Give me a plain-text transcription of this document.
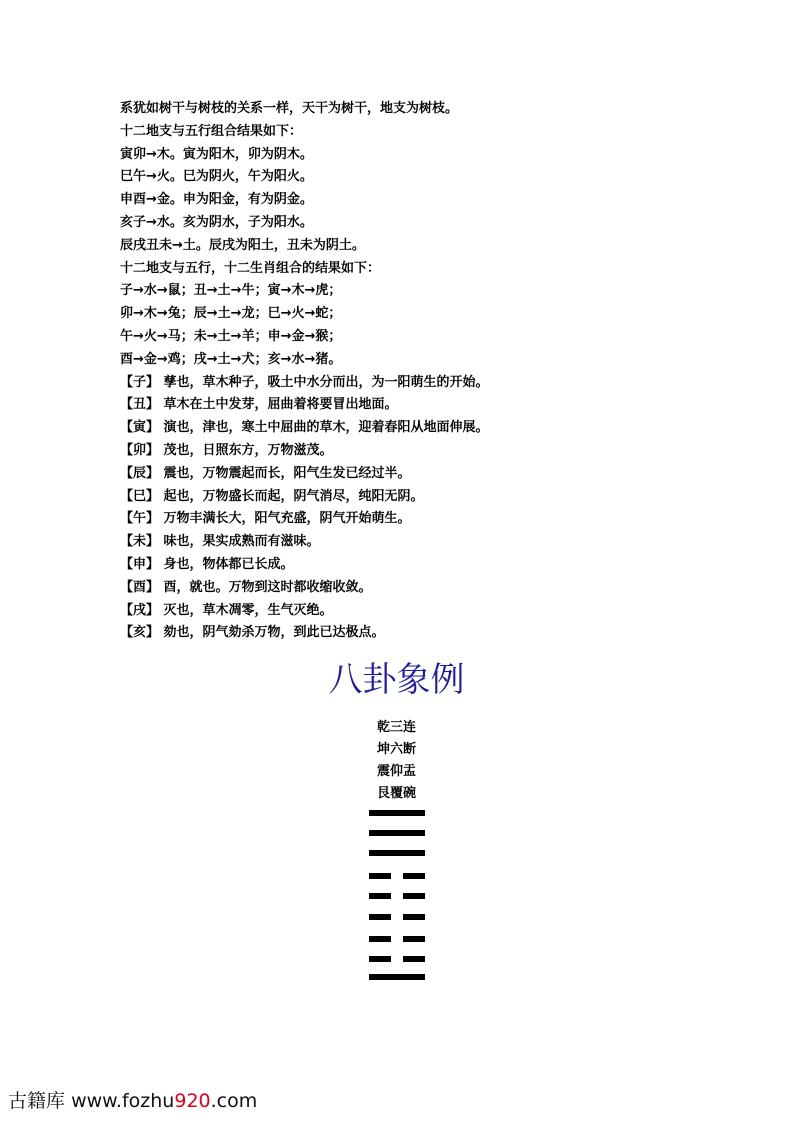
系犹如树干与树枝的关系一样，天干为树干，地支为树枝。
十二地支与五行组合结果如下：
寅卯→木。寅为阳木，卯为阴木。
巳午→火。巳为阴火，午为阳火。
申酉→金。申为阳金，有为阴金。
亥子→水。亥为阴水，子为阳水。
辰戌丑未→土。辰戌为阳土，丑未为阴土。
十二地支与五行，十二生肖组合的结果如下：
子→水→鼠；丑→土→牛；寅→木→虎；
卯→木→兔；辰→土→龙；巳→火→蛇；
午→火→马；未→土→羊；申→金→猴；
酉→金→鸡；戌→土→犬；亥→水→猪。
【子】 孳也，草木种子，吸土中水分而出，为一阳萌生的开始。
【丑】 草木在土中发芽，屈曲着将要冒出地面。
【寅】 演也，津也，寒土中屈曲的草木，迎着春阳从地面伸展。
【卯】 茂也，日照东方，万物滋茂。
【辰】 震也，万物震起而长，阳气生发已经过半。
【巳】 起也，万物盛长而起，阴气消尽，纯阳无阴。
【午】 万物丰满长大，阳气充盛，阴气开始萌生。
【未】 味也，果实成熟而有滋味。
【申】 身也，物体都已长成。
【酉】 酉，就也。万物到这时都收缩收敛。
【戌】 灭也，草木凋零，生气灭绝。
【亥】 劾也，阴气劾杀万物，到此已达极点。
八卦象例
乾三连
坤六断
震仰盂
艮覆碗
古籍库 www.fozhu920.com
